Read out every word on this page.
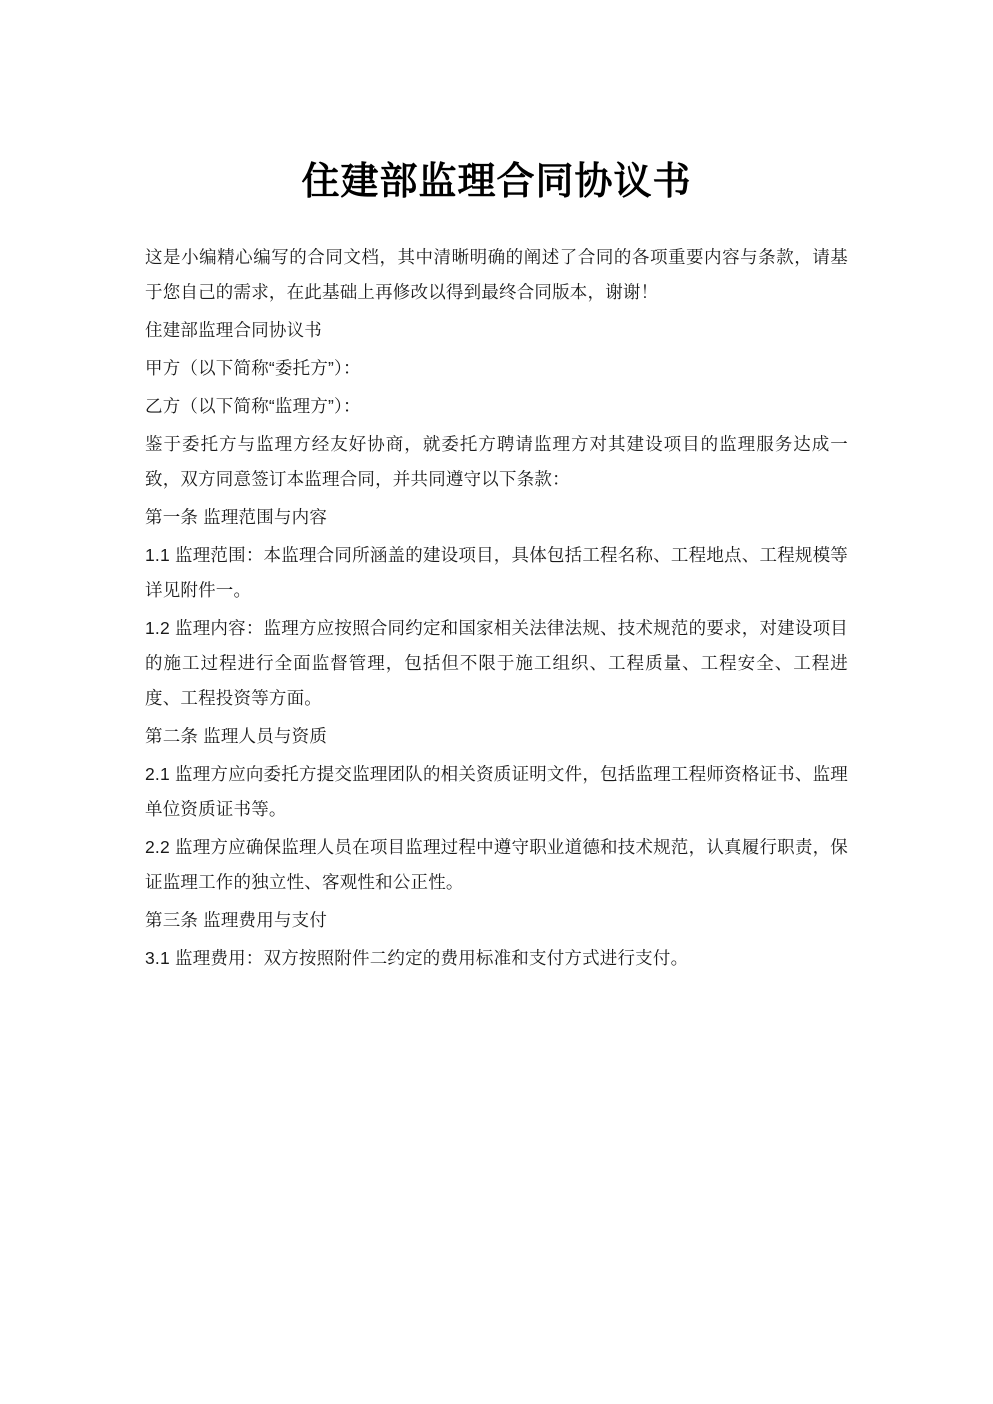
住建部监理合同协议书

这是小编精心编写的合同文档，其中清晰明确的阐述了合同的各项重要内容与条款，请基于您自己的需求，在此基础上再修改以得到最终合同版本，谢谢！

住建部监理合同协议书

甲方（以下简称“委托方”）：

乙方（以下简称“监理方”）：

鉴于委托方与监理方经友好协商，就委托方聘请监理方对其建设项目的监理服务达成一致，双方同意签订本监理合同，并共同遵守以下条款：

第一条 监理范围与内容

1.1 监理范围：本监理合同所涵盖的建设项目，具体包括工程名称、工程地点、工程规模等详见附件一。

1.2 监理内容：监理方应按照合同约定和国家相关法律法规、技术规范的要求，对建设项目的施工过程进行全面监督管理，包括但不限于施工组织、工程质量、工程安全、工程进度、工程投资等方面。

第二条 监理人员与资质

2.1 监理方应向委托方提交监理团队的相关资质证明文件，包括监理工程师资格证书、监理单位资质证书等。

2.2 监理方应确保监理人员在项目监理过程中遵守职业道德和技术规范，认真履行职责，保证监理工作的独立性、客观性和公正性。

第三条 监理费用与支付

3.1 监理费用：双方按照附件二约定的费用标准和支付方式进行支付。
